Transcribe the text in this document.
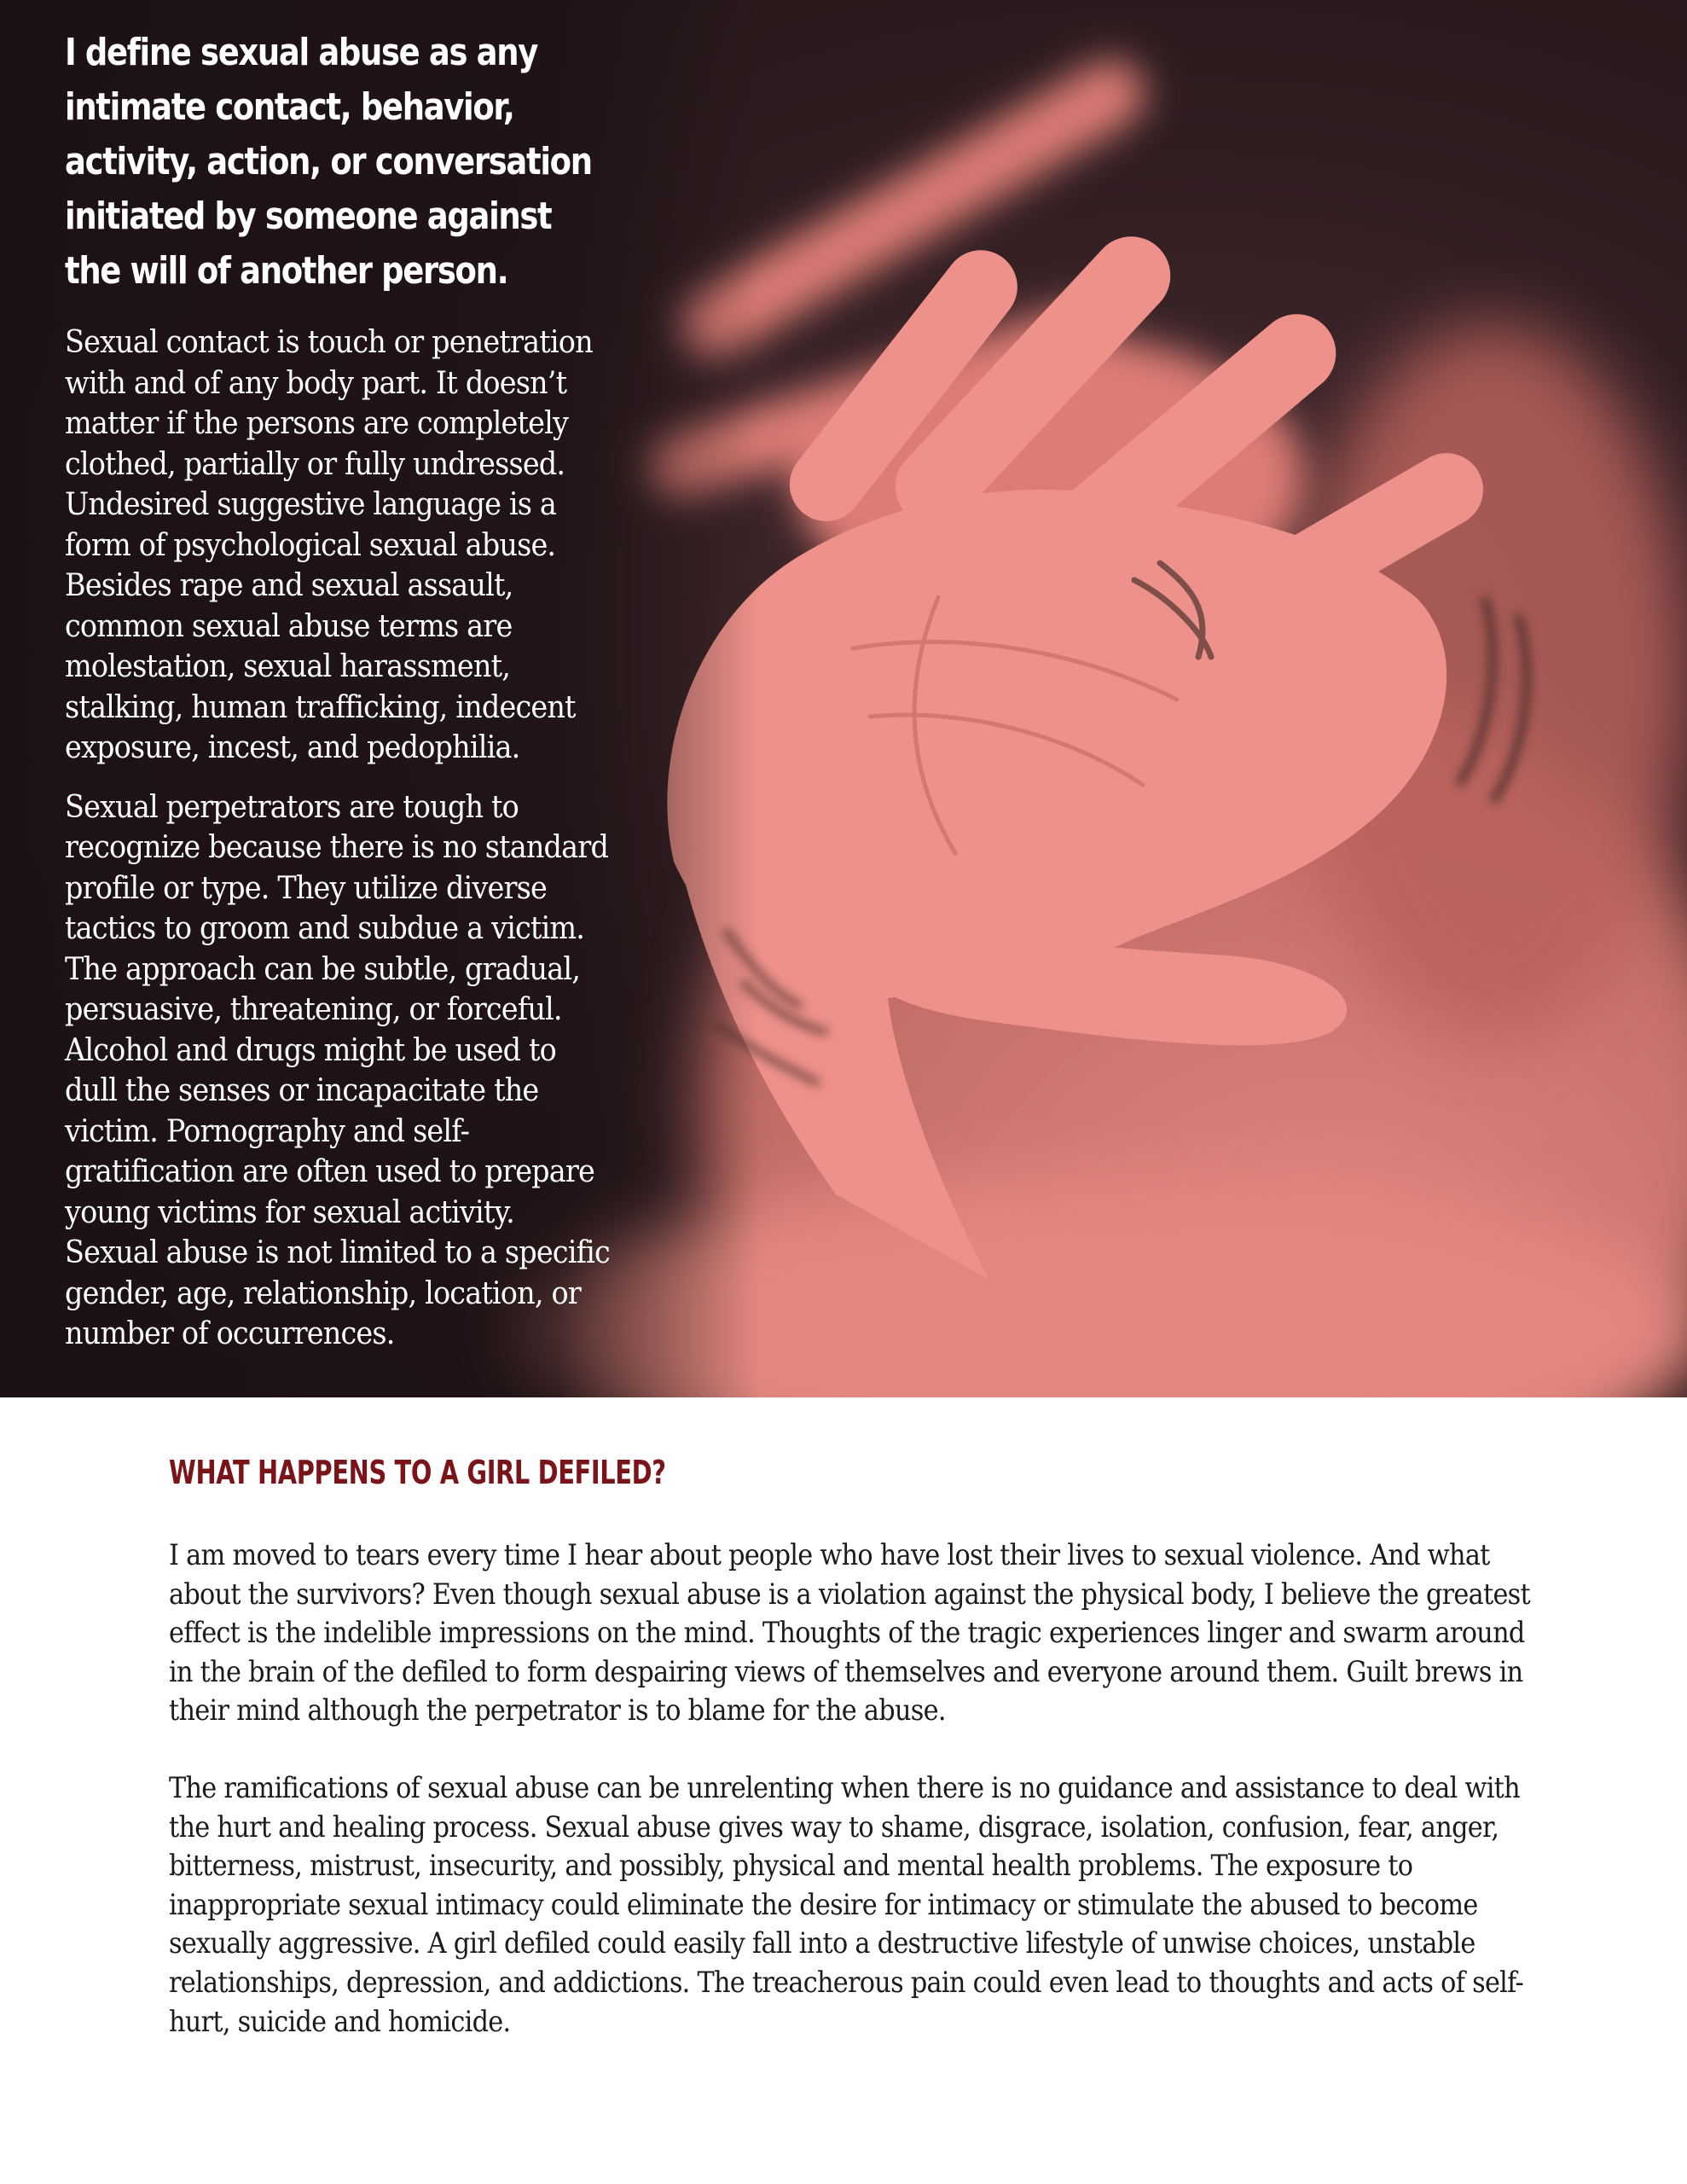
I define sexual abuse as any intimate contact, behavior, activity, action, or conversation initiated by someone against the will of another person.

Sexual contact is touch or penetration with and of any body part. It doesn’t matter if the persons are completely clothed, partially or fully undressed. Undesired suggestive language is a form of psychological sexual abuse. Besides rape and sexual assault, common sexual abuse terms are molestation, sexual harassment, stalking, human trafficking, indecent exposure, incest, and pedophilia.

Sexual perpetrators are tough to recognize because there is no standard profile or type. They utilize diverse tactics to groom and subdue a victim. The approach can be subtle, gradual, persuasive, threatening, or forceful. Alcohol and drugs might be used to dull the senses or incapacitate the victim. Pornography and self-gratification are often used to prepare young victims for sexual activity. Sexual abuse is not limited to a specific gender, age, relationship, location, or number of occurrences.

WHAT HAPPENS TO A GIRL DEFILED?

I am moved to tears every time I hear about people who have lost their lives to sexual violence. And what about the survivors? Even though sexual abuse is a violation against the physical body, I believe the greatest effect is the indelible impressions on the mind. Thoughts of the tragic experiences linger and swarm around in the brain of the defiled to form despairing views of themselves and everyone around them. Guilt brews in their mind although the perpetrator is to blame for the abuse.

The ramifications of sexual abuse can be unrelenting when there is no guidance and assistance to deal with the hurt and healing process. Sexual abuse gives way to shame, disgrace, isolation, confusion, fear, anger, bitterness, mistrust, insecurity, and possibly, physical and mental health problems. The exposure to inappropriate sexual intimacy could eliminate the desire for intimacy or stimulate the abused to become sexually aggressive. A girl defiled could easily fall into a destructive lifestyle of unwise choices, unstable relationships, depression, and addictions. The treacherous pain could even lead to thoughts and acts of self-hurt, suicide and homicide.
